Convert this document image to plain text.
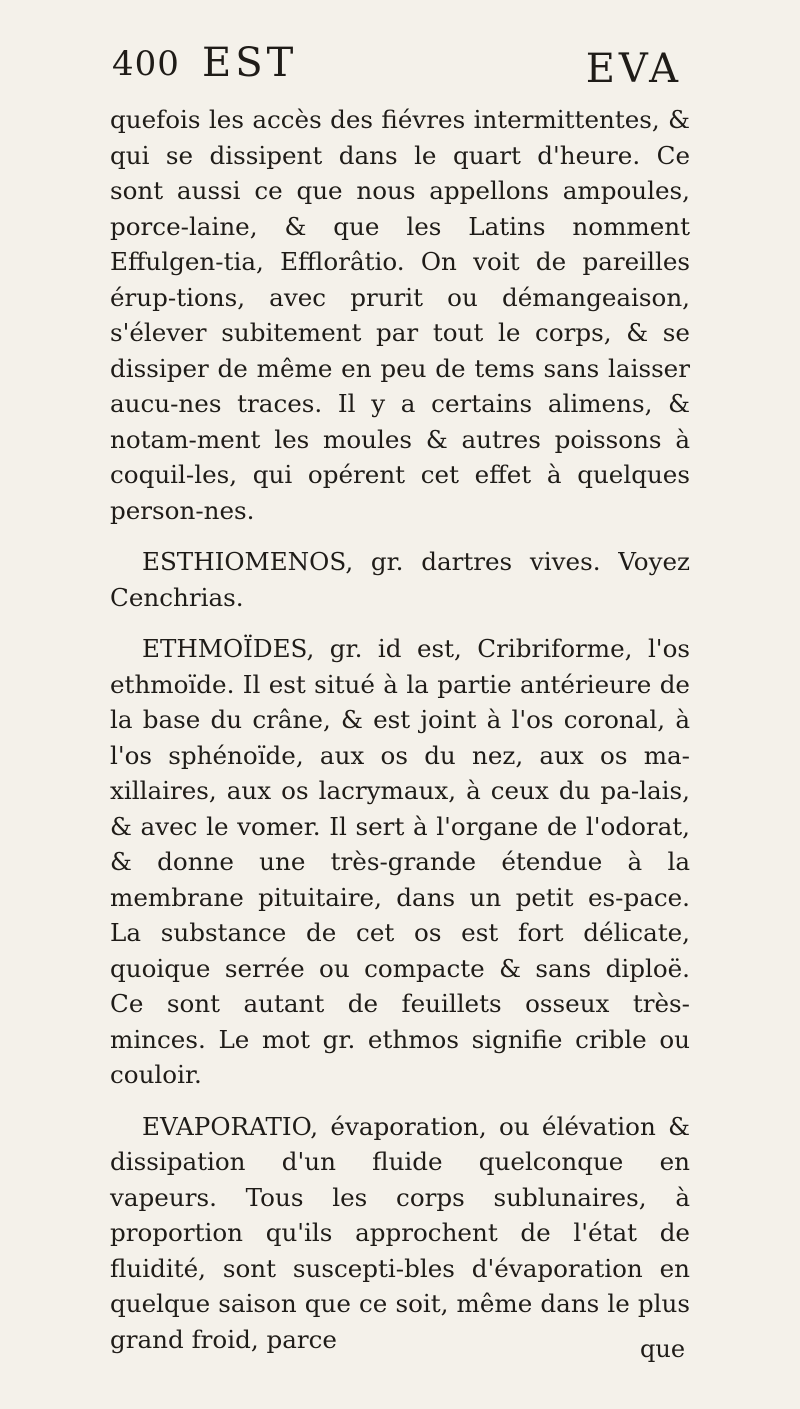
400 EST	EVA

quefois les accès des fiévres intermittentes, & qui se dissipent dans le quart d'heure. Ce sont aussi ce que nous appellons ampoules, porce-laine, & que les Latins nomment Effulgen-tia, Efflorâtio. On voit de pareilles érup-tions, avec prurit ou démangeaison, s'élever subitement par tout le corps, & se dissiper de même en peu de tems sans laisser aucu-nes traces. Il y a certains alimens, & notam-ment les moules & autres poissons à coquil-les, qui opérent cet effet à quelques person-nes.

ESTHIOMENOS, gr. dartres vives. Voyez Cenchrias.

ETHMOÏDES, gr. id est, Cribriforme, l'os ethmoïde. Il est situé à la partie antérieure de la base du crâne, & est joint à l'os coronal, à l'os sphénoïde, aux os du nez, aux os ma-xillaires, aux os lacrymaux, à ceux du pa-lais, & avec le vomer. Il sert à l'organe de l'odorat, & donne une très-grande étendue à la membrane pituitaire, dans un petit es-pace. La substance de cet os est fort délicate, quoique serrée ou compacte & sans diploë. Ce sont autant de feuillets osseux très-minces. Le mot gr. ethmos signifie crible ou couloir.

EVAPORATIO, évaporation, ou élévation & dissipation d'un fluide quelconque en vapeurs. Tous les corps sublunaires, à proportion qu'ils approchent de l'état de fluidité, sont suscepti-bles d'évaporation en quelque saison que ce soit, même dans le plus grand froid, parce	que
